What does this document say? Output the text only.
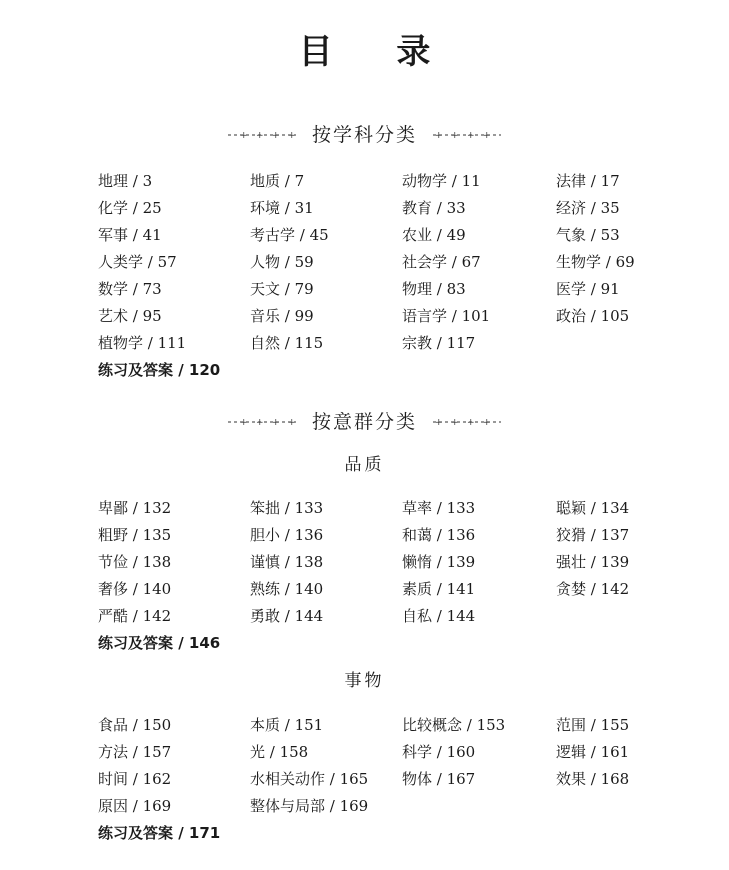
目 录
+ + + + 按学科分类 + + + +
地理 / 3	地质 / 7	动物学 / 11	法律 / 17
化学 / 25	环境 / 31	教育 / 33	经济 / 35
军事 / 41	考古学 / 45	农业 / 49	气象 / 53
人类学 / 57	人物 / 59	社会学 / 67	生物学 / 69
数学 / 73	天文 / 79	物理 / 83	医学 / 91
艺术 / 95	音乐 / 99	语言学 / 101	政治 / 105
植物学 / 111	自然 / 115	宗教 / 117
练习及答案 / 120
+ + + + 按意群分类 + + + +
品质
卑鄙 / 132	笨拙 / 133	草率 / 133	聪颖 / 134
粗野 / 135	胆小 / 136	和蔼 / 136	狡猾 / 137
节俭 / 138	谨慎 / 138	懒惰 / 139	强壮 / 139
奢侈 / 140	熟练 / 140	素质 / 141	贪婪 / 142
严酷 / 142	勇敢 / 144	自私 / 144
练习及答案 / 146
事物
食品 / 150	本质 / 151	比较概念 / 153	范围 / 155
方法 / 157	光 / 158	科学 / 160	逻辑 / 161
时间 / 162	水相关动作 / 165	物体 / 167	效果 / 168
原因 / 169	整体与局部 / 169
练习及答案 / 171
